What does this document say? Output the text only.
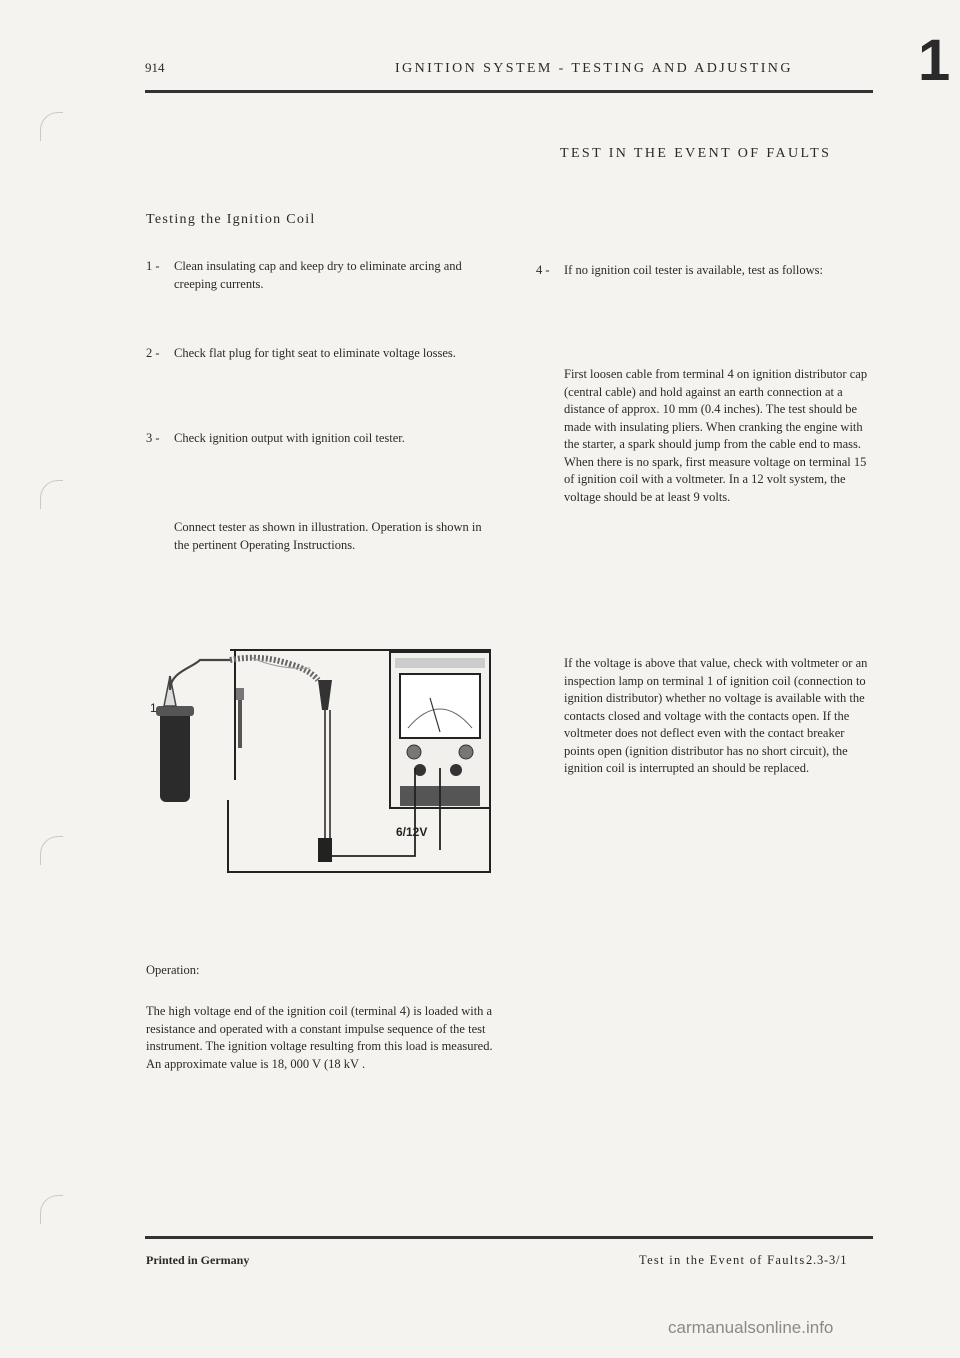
914	IGNITION SYSTEM - TESTING AND ADJUSTING 1
TEST IN THE EVENT OF FAULTS
Testing the Ignition Coil
1 -	Clean insulating cap and keep dry to eliminate arcing and creeping currents.
2 -	Check flat plug for tight seat to eliminate voltage losses.
3 -	Check ignition output with ignition coil tester.
Connect tester as shown in illustration. Operation is shown in the pertinent Operating Instructions.
1
6/12V
Operation:
The high voltage end of the ignition coil (terminal 4) is loaded with a resistance and operated with a constant impulse sequence of the test instrument. The ignition voltage resulting from this load is measured. An approximate value is 18, 000 V (18 kV .
4 -	If no ignition coil tester is available, test as follows:
First loosen cable from terminal 4 on ignition distributor cap (central cable) and hold against an earth connection at a distance of approx. 10 mm (0.4 inches). The test should be made with insulating pliers. When cranking the engine with the starter, a spark should jump from the cable end to mass. When there is no spark, first measure voltage on terminal 15 of ignition coil with a voltmeter. In a 12 volt system, the voltage should be at least 9 volts.
If the voltage is above that value, check with voltmeter or an inspection lamp on terminal 1 of ignition coil (connection to ignition distributor) whether no voltage is available with the contacts closed and voltage with the contacts open. If the voltmeter does not deflect even with the contact breaker points open (ignition distributor has no short circuit), the ignition coil is interrupted an should be replaced.
Printed in Germany	Test in the Event of Faults 2.3-3/1
carmanualsonline.info
